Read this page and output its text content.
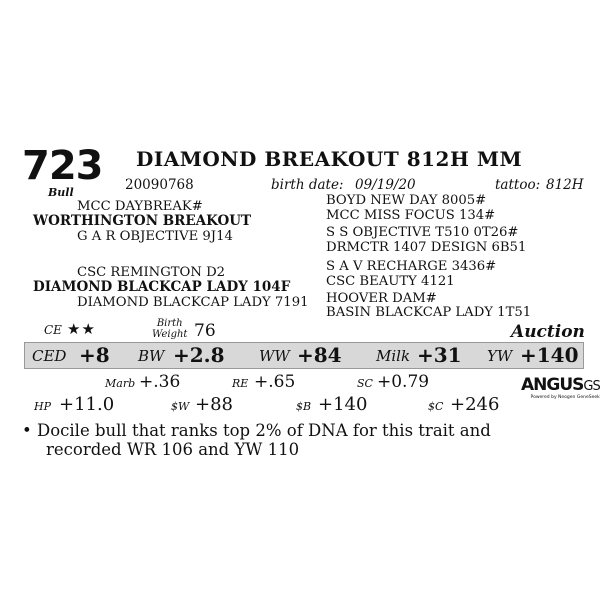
723
Bull
DIAMOND BREAKOUT 812H MM
20090768	birth date: 09/19/20	tattoo: 812H
MCC DAYBREAK#
WORTHINGTON BREAKOUT
G A R OBJECTIVE 9J14
CSC REMINGTON D2
DIAMOND BLACKCAP LADY 104F
DIAMOND BLACKCAP LADY 7191
BOYD NEW DAY 8005#
MCC MISS FOCUS 134#
S S OBJECTIVE T510 0T26#
DRMCTR 1407 DESIGN 6B51
S A V RECHARGE 3436#
CSC BEAUTY 4121
HOOVER DAM#
BASIN BLACKCAP LADY 1T51
CE ★★	Birth
Weight 76	Auction
CED +8 BW +2.8 WW +84 Milk +31 YW +140
Marb +.36	RE +.65	SC +0.79	ANGUSGS
Powered by Neogen GeneSeek
HP +11.0	$W +88	$B +140	$C +246
• Docile bull that ranks top 2% of DNA for this trait and
recorded WR 106 and YW 110
